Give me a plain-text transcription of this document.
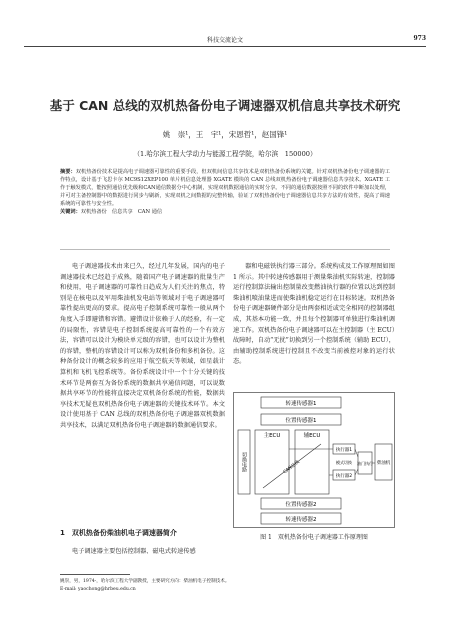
科技交流论文	973
基于 CAN 总线的双机热备份电子调速器双机信息共享技术研究
姚　崇¹，王　宇¹，宋恩哲¹，赵国锋¹
（1.哈尔滨工程大学动力与能源工程学院，哈尔滨　150000）
摘要：双机热备份技术是提高电子调速器可靠性的重要手段，但双机间信息共享技术是双机热备份系统的关键。针对双机热备份电子调速器的工作特点，设计基于飞思卡尔 MC9S12XEP100 单片机信息处理器 XGATE 模块的 CAN 总线双机热备份电子调速器信息共享技术。XGATE 工作于触发模式，能按照通信优先级和CAN通信数据分中心机制，实现双机数据通信的实时分享。不同的通信数据按照不同的软件中断加以处理，并可对主备控制器中的数据进行同步与刷新，实现双机之间数据的完整传输，验证了双机热备份电子调速器信息共享方法的有效性，提高了调速系统的可靠性与安全性。
关键词：双机热备份　信息共享　CAN 通信

电子调速器技术由来已久，经过几年发展，国内的电子调速器技术已经趋于成熟，随着国产电子调速器的批量生产和使用，电子调速器的可靠性日趋成为人们关注的焦点，特别是在核电以及军用柴油机发电站等领域对于电子调速器可靠性提出更高的要求。提高电子控制系统可靠性一般从两个角度入手即避错和容错。避错设计依赖于人的经验，有一定的局限性，容错是电子控制系统提高可靠性的一个有效方法，容错可以设计为模块单元级的容错，也可以设计为整机的容错，整机的容错设计可以称为双机备份和多机备份。这种备份设计的概念较多的应用于航空航天等领域，如星载计算机和飞机飞控系统等。备份系统设计中一个十分关键的技术环节是两套互为备份系统的数据共享通信问题，可以说数据共享环节的性能将直接决定双机备份系统的性能，数据共享技术无疑也双机热备份电子调速器的关键技术环节。本文设计使用基于 CAN 总线的双机热备份电子调速器双机数据共享技术，以满足双机热备份电子调速器的数据通信要求。

1　双机热备份柴油机电子调速器简介
电子调速器主要包括控制器、磁电式转速传感
姚崇，男，1974-，哈尔滨工程大学副教授，主要研究方向：柴油机电子控制技术。
E-mail: yaochong@hrbeu.edu.cn

器和电磁铁执行器三部分。系统构成及工作原理图如图 1 所示。其中转速传感器用于测量柴油机实际转速，控制器运行控制算法输出控制量改变燃油执行器的位置以达到控制柴油机喷油量进而使柴油机稳定运行在目标转速。双机热备份电子调速器硬件部分是由两套相近或完全相同的控制器组成，其基本功能一致，并且每个控制器可单独进行柴油机调速工作。双机热备份电子调速器可以在主控制器（主 ECU）故障时，自动“无扰”切换到另一个控制系统（辅助 ECU），由辅助控制系统进行控制且不改变当前被控对象的运行状态。

转速传感器1
位置传感器1
切换电路
主ECU	辅ECU
CAN总线
执行器1
执行器2
油门执行 柴油机
模式切换
位置传感器2
转速传感器2
图 1　双机热备份电子调速器工作原理图
